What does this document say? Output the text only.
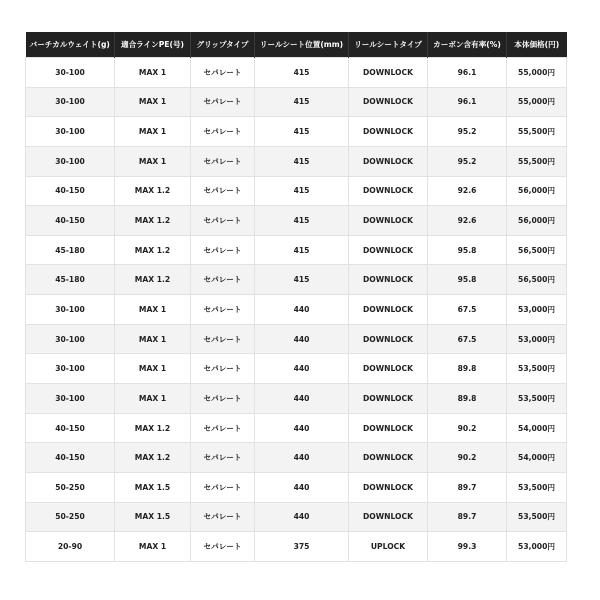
バーチカルウェイト(g)	適合ラインPE(号)	グリップタイプ	リールシート位置(mm)	リールシートタイプ	カーボン含有率(%)	本体価格(円)
30-100	MAX 1	セパレート	415	DOWNLOCK	96.1	55,000円
30-100	MAX 1	セパレート	415	DOWNLOCK	96.1	55,000円
30-100	MAX 1	セパレート	415	DOWNLOCK	95.2	55,500円
30-100	MAX 1	セパレート	415	DOWNLOCK	95.2	55,500円
40-150	MAX 1.2	セパレート	415	DOWNLOCK	92.6	56,000円
40-150	MAX 1.2	セパレート	415	DOWNLOCK	92.6	56,000円
45-180	MAX 1.2	セパレート	415	DOWNLOCK	95.8	56,500円
45-180	MAX 1.2	セパレート	415	DOWNLOCK	95.8	56,500円
30-100	MAX 1	セパレート	440	DOWNLOCK	67.5	53,000円
30-100	MAX 1	セパレート	440	DOWNLOCK	67.5	53,000円
30-100	MAX 1	セパレート	440	DOWNLOCK	89.8	53,500円
30-100	MAX 1	セパレート	440	DOWNLOCK	89.8	53,500円
40-150	MAX 1.2	セパレート	440	DOWNLOCK	90.2	54,000円
40-150	MAX 1.2	セパレート	440	DOWNLOCK	90.2	54,000円
50-250	MAX 1.5	セパレート	440	DOWNLOCK	89.7	53,500円
50-250	MAX 1.5	セパレート	440	DOWNLOCK	89.7	53,500円
20-90	MAX 1	セパレート	375	UPLOCK	99.3	53,000円
